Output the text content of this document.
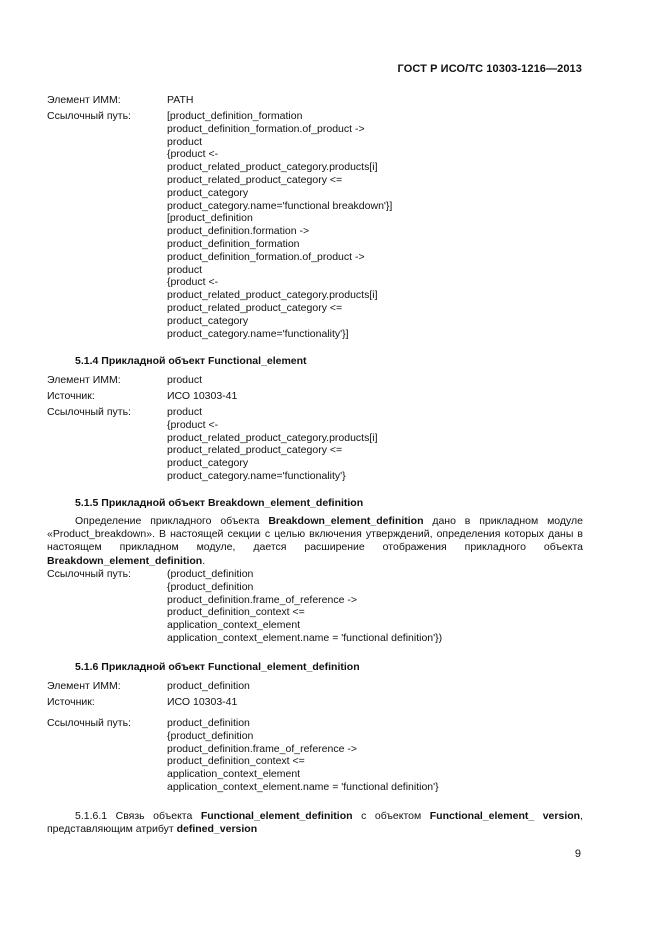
ГОСТ Р ИСО/ТС 10303-1216—2013
Элемент ИММ:	PATH
Ссылочный путь:	[product_definition_formation
product_definition_formation.of_product ->
product
{product <-
product_related_product_category.products[i]
product_related_product_category <=
product_category
product_category.name='functional breakdown'}]
[product_definition
product_definition.formation ->
product_definition_formation
product_definition_formation.of_product ->
product
{product <-
product_related_product_category.products[i]
product_related_product_category <=
product_category
product_category.name='functionality'}]
5.1.4 Прикладной объект Functional_element
Элемент ИММ:	product
Источник:	ИСО 10303-41
Ссылочный путь:	product
{product <-
product_related_product_category.products[i]
product_related_product_category <=
product_category
product_category.name='functionality'}
5.1.5 Прикладной объект Breakdown_element_definition
Определение прикладного объекта Breakdown_element_definition дано в прикладном модуле «Product_breakdown». В настоящей секции с целью включения утверждений, определения которых даны в настоящем прикладном модуле, дается расширение отображения прикладного объекта Breakdown_element_definition.
Ссылочный путь:	(product_definition
{product_definition
product_definition.frame_of_reference ->
product_definition_context <=
application_context_element
application_context_element.name = 'functional definition'})
5.1.6 Прикладной объект Functional_element_definition
Элемент ИММ:	product_definition
Источник:	ИСО 10303-41
Ссылочный путь:	product_definition
{product_definition
product_definition.frame_of_reference ->
product_definition_context <=
application_context_element
application_context_element.name = 'functional definition'}
5.1.6.1 Связь объекта Functional_element_definition с объектом Functional_element_ version, представляющим атрибут defined_version
9
